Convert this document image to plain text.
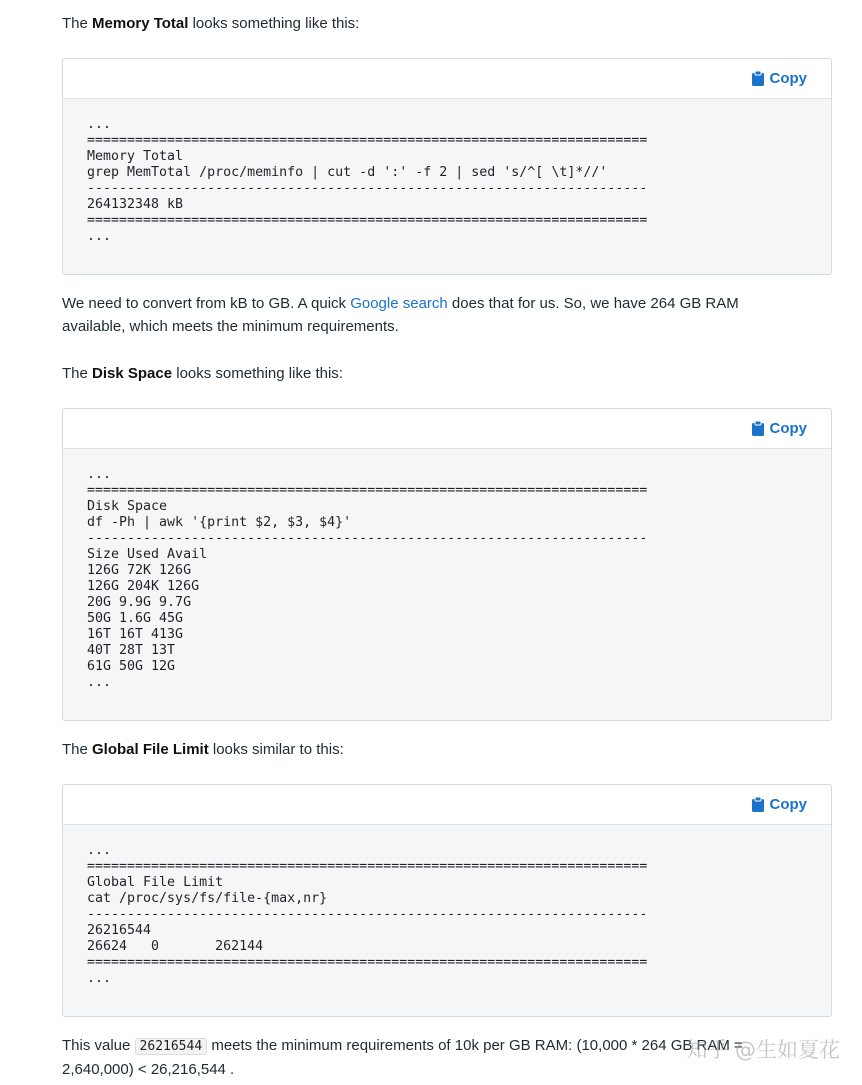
The Memory Total looks something like this:

Copy
...
======================================================================
Memory Total
grep MemTotal /proc/meminfo | cut -d ':' -f 2 | sed 's/^[ \t]*//'
----------------------------------------------------------------------
264132348 kB
======================================================================
...

We need to convert from kB to GB. A quick Google search does that for us. So, we have 264 GB RAM available, which meets the minimum requirements.

The Disk Space looks something like this:

Copy
...
======================================================================
Disk Space
df -Ph | awk '{print $2, $3, $4}'
----------------------------------------------------------------------
Size Used Avail
126G 72K 126G
126G 204K 126G
20G 9.9G 9.7G
50G 1.6G 45G
16T 16T 413G
40T 28T 13T
61G 50G 12G
...

The Global File Limit looks similar to this:

Copy
...
======================================================================
Global File Limit
cat /proc/sys/fs/file-{max,nr}
----------------------------------------------------------------------
26216544
26624   0       262144
======================================================================
...

This value 26216544 meets the minimum requirements of 10k per GB RAM: (10,000 * 264 GB RAM = 2,640,000) < 26,216,544 .

知乎 @生如夏花
